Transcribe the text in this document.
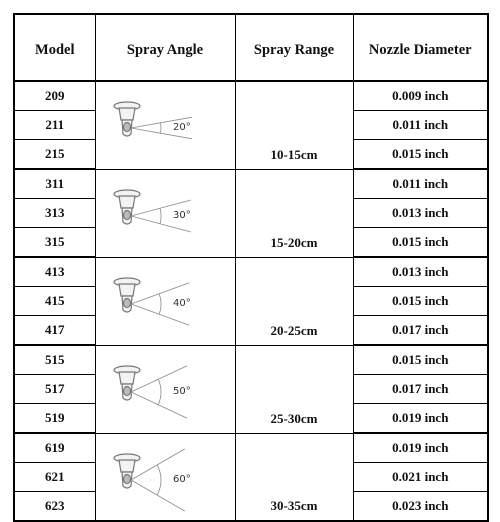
Model	Spray Angle	Spray Range	Nozzle Diameter
209	20°	10-15cm	0.009 inch
211			0.011 inch
215			0.015 inch
311	30°	15-20cm	0.011 inch
313			0.013 inch
315			0.015 inch
413	40°	20-25cm	0.013 inch
415			0.015 inch
417			0.017 inch
515	50°	25-30cm	0.015 inch
517			0.017 inch
519			0.019 inch
619	60°	30-35cm	0.019 inch
621			0.021 inch
623			0.023 inch
